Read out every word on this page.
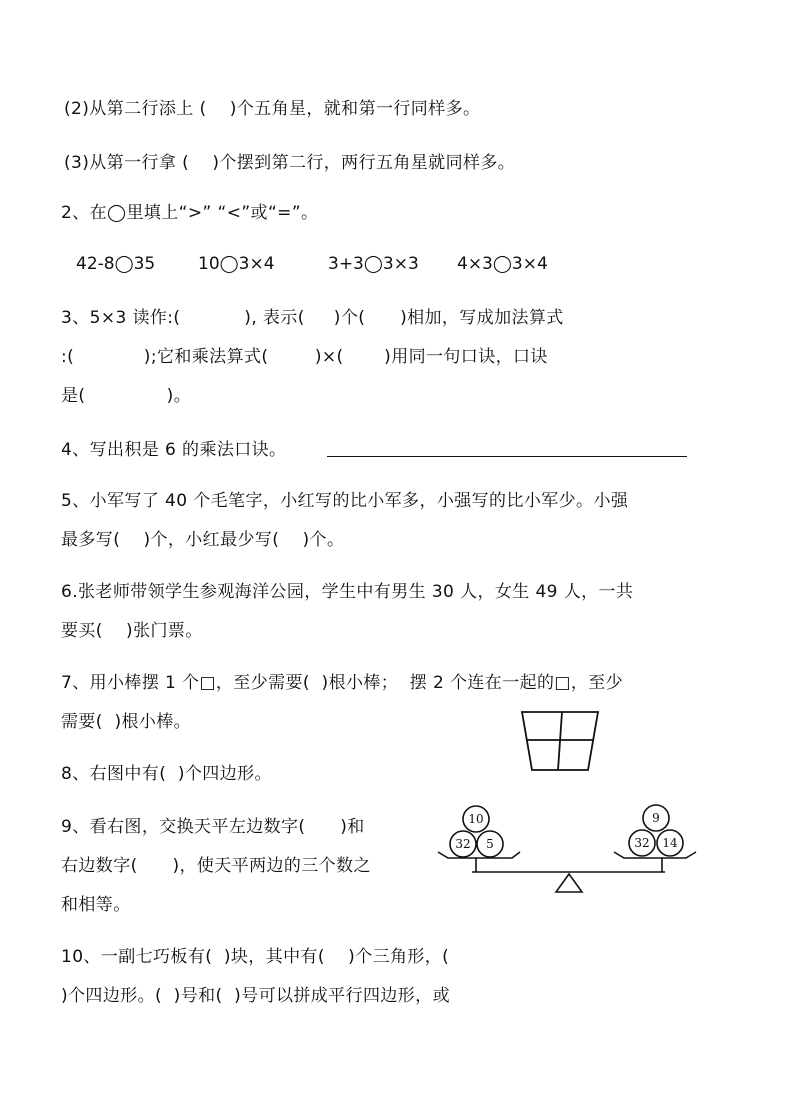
(2)从第二行添上 (    )个五角星，就和第一行同样多。
(3)从第一行拿 (    )个摆到第二行，两行五角星就同样多。
2、在◯里填上“>” “<”或“=”。
42-8◯35	10◯3×4	3+3◯3×3 4×3◯3×4
3、5×3 读作:(           ), 表示(     )个(      )相加，写成加法算式
:(            );它和乘法算式(        )×(       )用同一句口诀，口诀
是(              )。
4、写出积是 6 的乘法口诀。
5、小军写了 40 个毛笔字，小红写的比小军多，小强写的比小军少。小强
最多写(    )个，小红最少写(    )个。
6.张老师带领学生参观海洋公园，学生中有男生 30 人，女生 49 人，一共
要买(    )张门票。
7、用小棒摆 1 个□，至少需要(  )根小棒；  摆 2 个连在一起的□，至少
需要(  )根小棒。
8、右图中有(  )个四边形。
9、看右图，交换天平左边数字(      )和
右边数字(      )，使天平两边的三个数之
和相等。
10、一副七巧板有(  )块，其中有(    )个三角形，(
)个四边形。(  )号和(  )号可以拼成平行四边形，或
10
32 5
9
32 14
